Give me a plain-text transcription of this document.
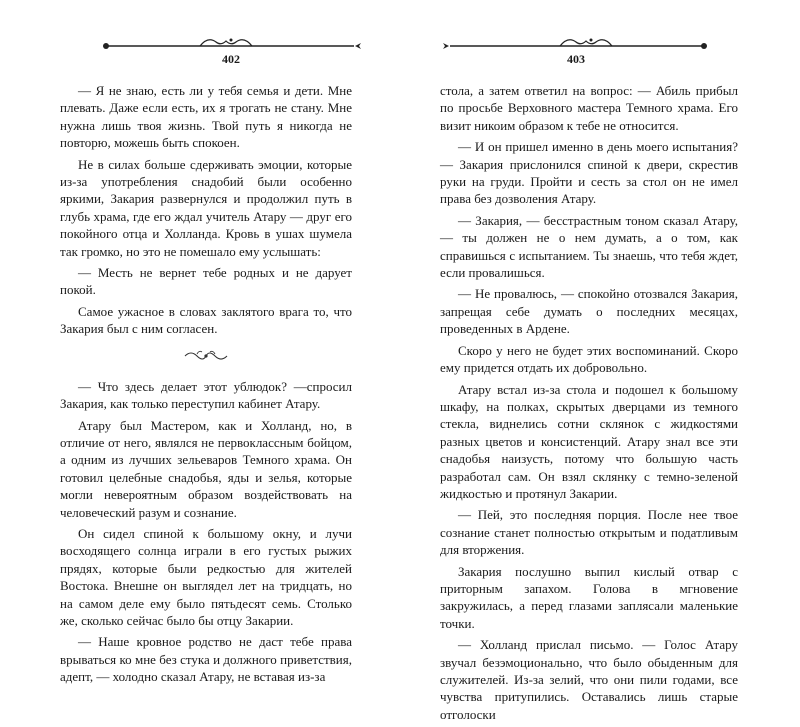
402

— Я не знаю, есть ли у тебя семья и дети. Мне плевать. Даже если есть, их я трогать не стану. Мне нужна лишь твоя жизнь. Твой путь я никогда не повторю, можешь быть спокоен.

Не в силах больше сдерживать эмоции, которые из-за употребления снадобий были особенно яркими, Закария развернулся и продолжил путь в глубь храма, где его ждал учитель Атару — друг его покойного отца и Холланда. Кровь в ушах шумела так громко, но это не помешало ему услышать:

— Месть не вернет тебе родных и не дарует покой.

Самое ужасное в словах заклятого врага то, что Закария был с ним согласен.

— Что здесь делает этот ублюдок? —спросил Закария, как только переступил кабинет Атару.

Атару был Мастером, как и Холланд, но, в отличие от него, являлся не первоклассным бойцом, а одним из лучших зельеваров Темного храма. Он готовил целебные снадобья, яды и зелья, которые могли невероятным образом воздействовать на человеческий разум и сознание.

Он сидел спиной к большому окну, и лучи восходящего солнца играли в его густых рыжих прядях, которые были редкостью для жителей Востока. Внешне он выглядел лет на тридцать, но на самом деле ему было пятьдесят семь. Столько же, сколько сейчас было бы отцу Закарии.

— Наше кровное родство не даст тебе права врываться ко мне без стука и должного приветствия, адепт, — холодно сказал Атару, не вставая из-за

403

стола, а затем ответил на вопрос: — Абиль прибыл по просьбе Верховного мастера Темного храма. Его визит никоим образом к тебе не относится.

— И он пришел именно в день моего испытания? — Закария прислонился спиной к двери, скрестив руки на груди. Пройти и сесть за стол он не имел права без дозволения Атару.

— Закария, — бесстрастным тоном сказал Атару, — ты должен не о нем думать, а о том, как справишься с испытанием. Ты знаешь, что тебя ждет, если провалишься.

— Не провалюсь, — спокойно отозвался Закария, запрещая себе думать о последних месяцах, проведенных в Ардене.

Скоро у него не будет этих воспоминаний. Скоро ему придется отдать их добровольно.

Атару встал из-за стола и подошел к большому шкафу, на полках, скрытых дверцами из темного стекла, виднелись сотни склянок с жидкостями разных цветов и консистенций. Атару знал все эти снадобья наизусть, потому что большую часть разработал сам. Он взял склянку с темно-зеленой жидкостью и протянул Закарии.

— Пей, это последняя порция. После нее твое сознание станет полностью открытым и податливым для вторжения.

Закария послушно выпил кислый отвар с приторным запахом. Голова в мгновение закружилась, а перед глазами заплясали маленькие точки.

— Холланд прислал письмо. — Голос Атару звучал безэмоционально, что было обыденным для служителей. Из-за зелий, что они пили годами, все чувства притупились. Оставались лишь старые отголоски
